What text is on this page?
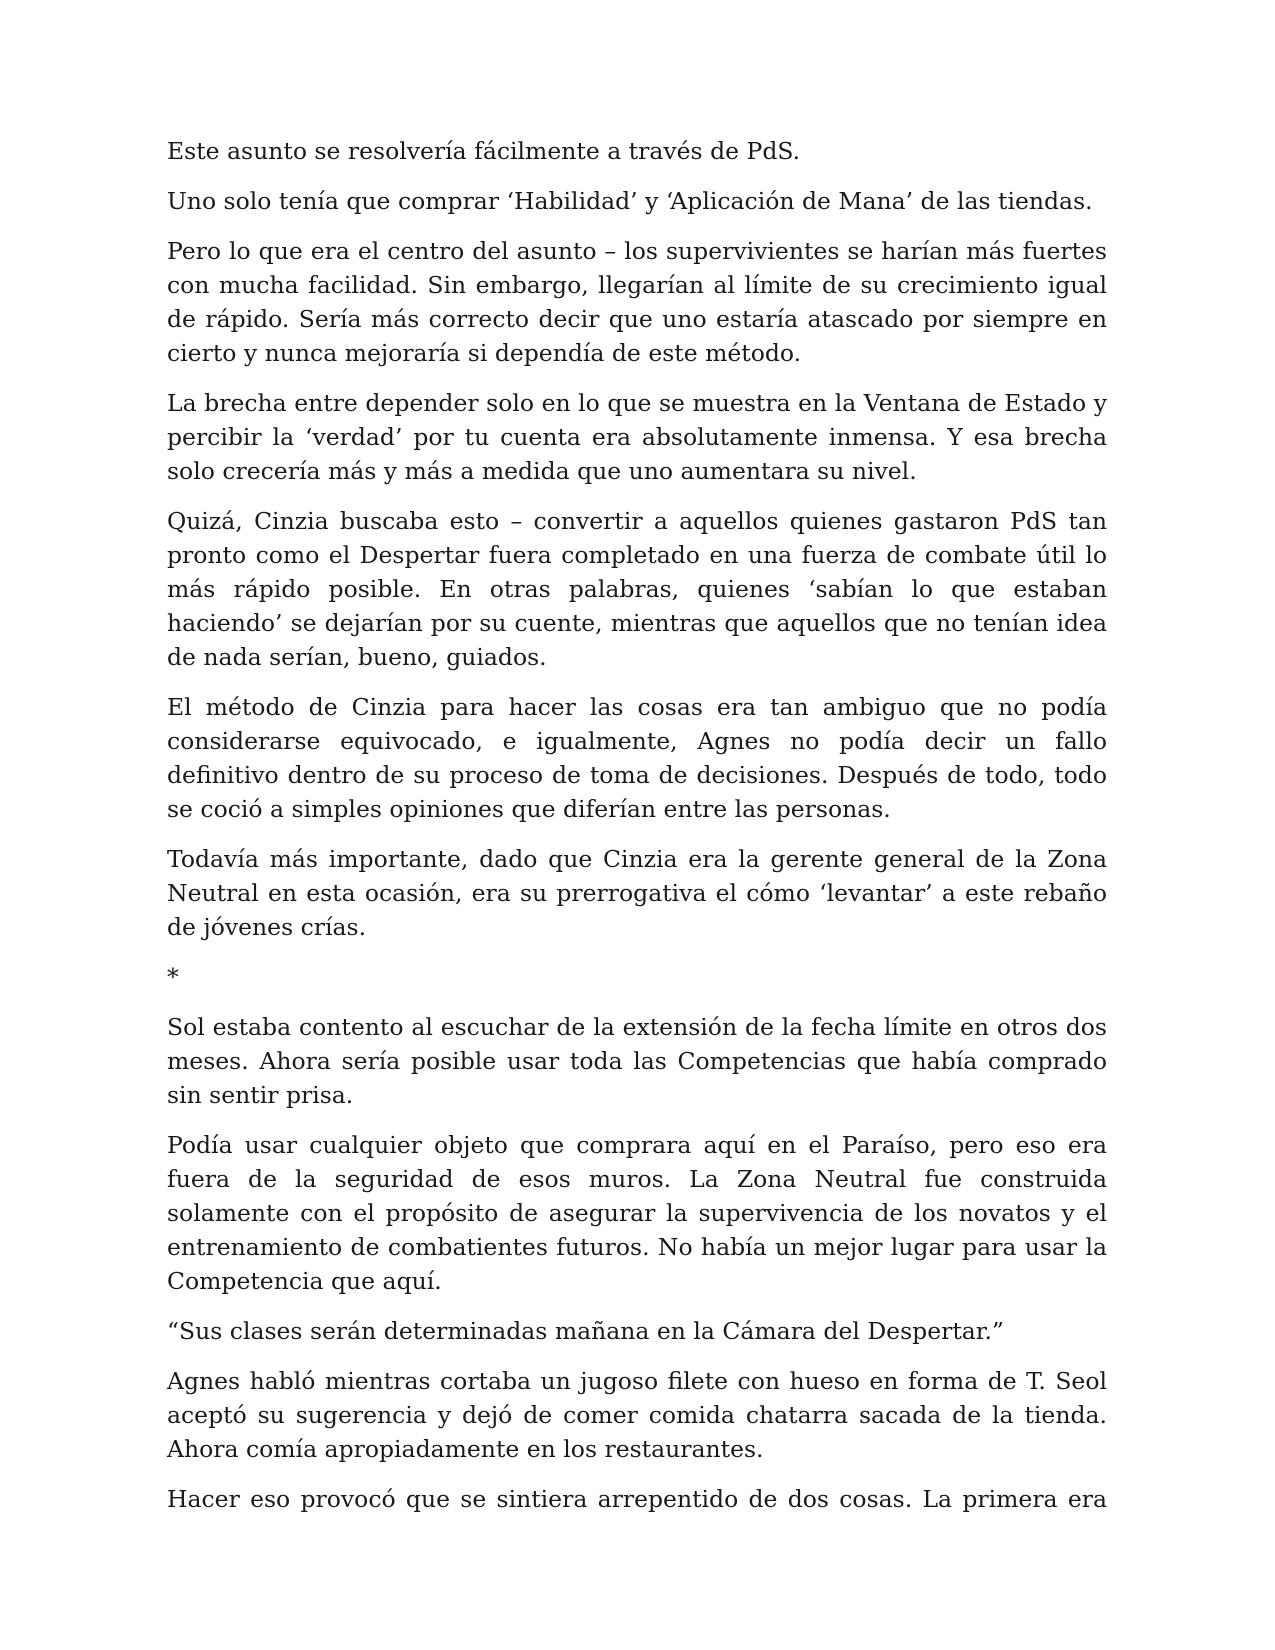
Este asunto se resolvería fácilmente a través de PdS.

Uno solo tenía que comprar ‘Habilidad’ y ‘Aplicación de Mana’ de las tiendas.

Pero lo que era el centro del asunto – los supervivientes se harían más fuertes con mucha facilidad. Sin embargo, llegarían al límite de su crecimiento igual de rápido. Sería más correcto decir que uno estaría atascado por siempre en cierto y nunca mejoraría si dependía de este método.

La brecha entre depender solo en lo que se muestra en la Ventana de Estado y percibir la ‘verdad’ por tu cuenta era absolutamente inmensa. Y esa brecha solo crecería más y más a medida que uno aumentara su nivel.

Quizá, Cinzia buscaba esto – convertir a aquellos quienes gastaron PdS tan pronto como el Despertar fuera completado en una fuerza de combate útil lo más rápido posible. En otras palabras, quienes ‘sabían lo que estaban haciendo’ se dejarían por su cuente, mientras que aquellos que no tenían idea de nada serían, bueno, guiados.

El método de Cinzia para hacer las cosas era tan ambiguo que no podía considerarse equivocado, e igualmente, Agnes no podía decir un fallo definitivo dentro de su proceso de toma de decisiones. Después de todo, todo se coció a simples opiniones que diferían entre las personas.

Todavía más importante, dado que Cinzia era la gerente general de la Zona Neutral en esta ocasión, era su prerrogativa el cómo ‘levantar’ a este rebaño de jóvenes crías.

*

Sol estaba contento al escuchar de la extensión de la fecha límite en otros dos meses. Ahora sería posible usar toda las Competencias que había comprado sin sentir prisa.

Podía usar cualquier objeto que comprara aquí en el Paraíso, pero eso era fuera de la seguridad de esos muros. La Zona Neutral fue construida solamente con el propósito de asegurar la supervivencia de los novatos y el entrenamiento de combatientes futuros. No había un mejor lugar para usar la Competencia que aquí.

“Sus clases serán determinadas mañana en la Cámara del Despertar.”

Agnes habló mientras cortaba un jugoso filete con hueso en forma de T. Seol aceptó su sugerencia y dejó de comer comida chatarra sacada de la tienda. Ahora comía apropiadamente en los restaurantes.

Hacer eso provocó que se sintiera arrepentido de dos cosas. La primera era
